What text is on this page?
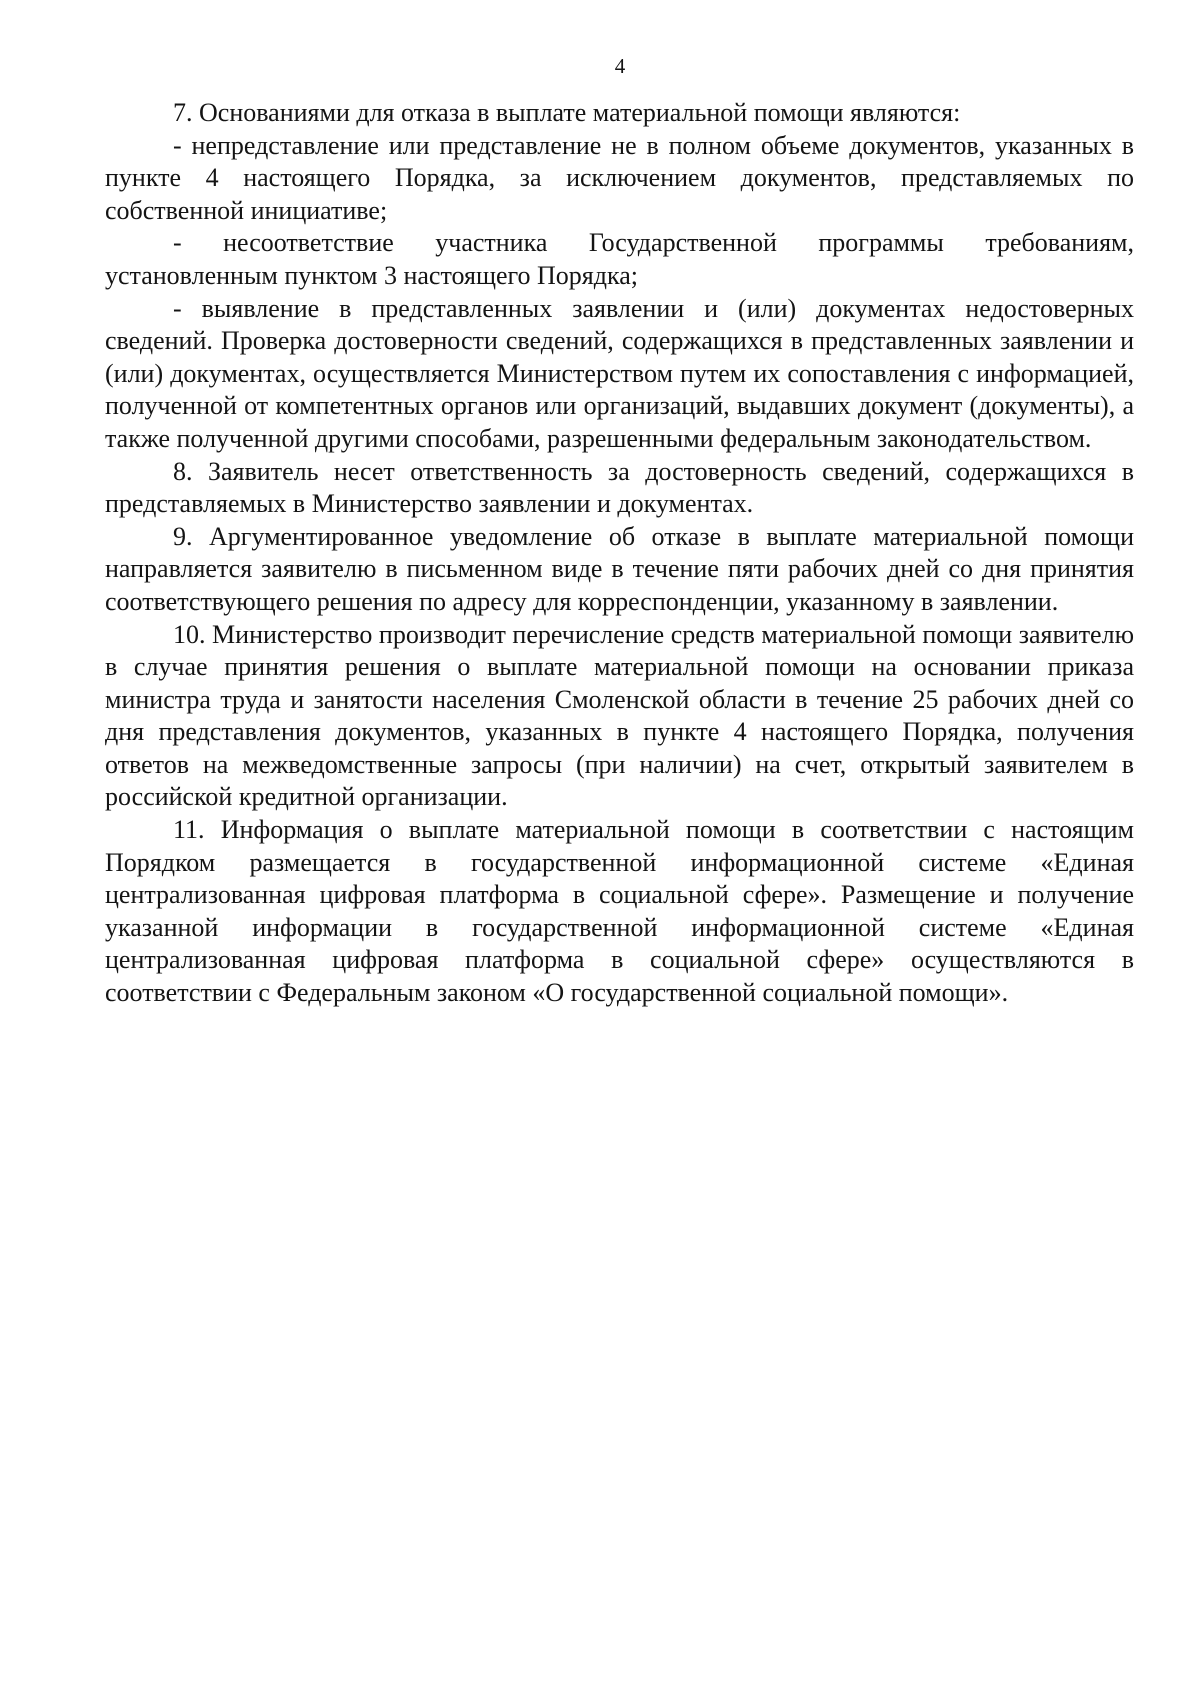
4

7. Основаниями для отказа в выплате материальной помощи являются:

- непредставление или представление не в полном объеме документов, указанных в пункте 4 настоящего Порядка, за исключением документов, представляемых по собственной инициативе;

- несоответствие участника Государственной программы требованиям, установленным пунктом 3 настоящего Порядка;

- выявление в представленных заявлении и (или) документах недостоверных сведений. Проверка достоверности сведений, содержащихся в представленных заявлении и (или) документах, осуществляется Министерством путем их сопоставления с информацией, полученной от компетентных органов или организаций, выдавших документ (документы), а также полученной другими способами, разрешенными федеральным законодательством.

8. Заявитель несет ответственность за достоверность сведений, содержащихся в представляемых в Министерство заявлении и документах.

9. Аргументированное уведомление об отказе в выплате материальной помощи направляется заявителю в письменном виде в течение пяти рабочих дней со дня принятия соответствующего решения по адресу для корреспонденции, указанному в заявлении.

10. Министерство производит перечисление средств материальной помощи заявителю в случае принятия решения о выплате материальной помощи на основании приказа министра труда и занятости населения Смоленской области в течение 25 рабочих дней со дня представления документов, указанных в пункте 4 настоящего Порядка, получения ответов на межведомственные запросы (при наличии) на счет, открытый заявителем в российской кредитной организации.

11. Информация о выплате материальной помощи в соответствии с настоящим Порядком размещается в государственной информационной системе «Единая централизованная цифровая платформа в социальной сфере». Размещение и получение указанной информации в государственной информационной системе «Единая централизованная цифровая платформа в социальной сфере» осуществляются в соответствии с Федеральным законом «О государственной социальной помощи».
